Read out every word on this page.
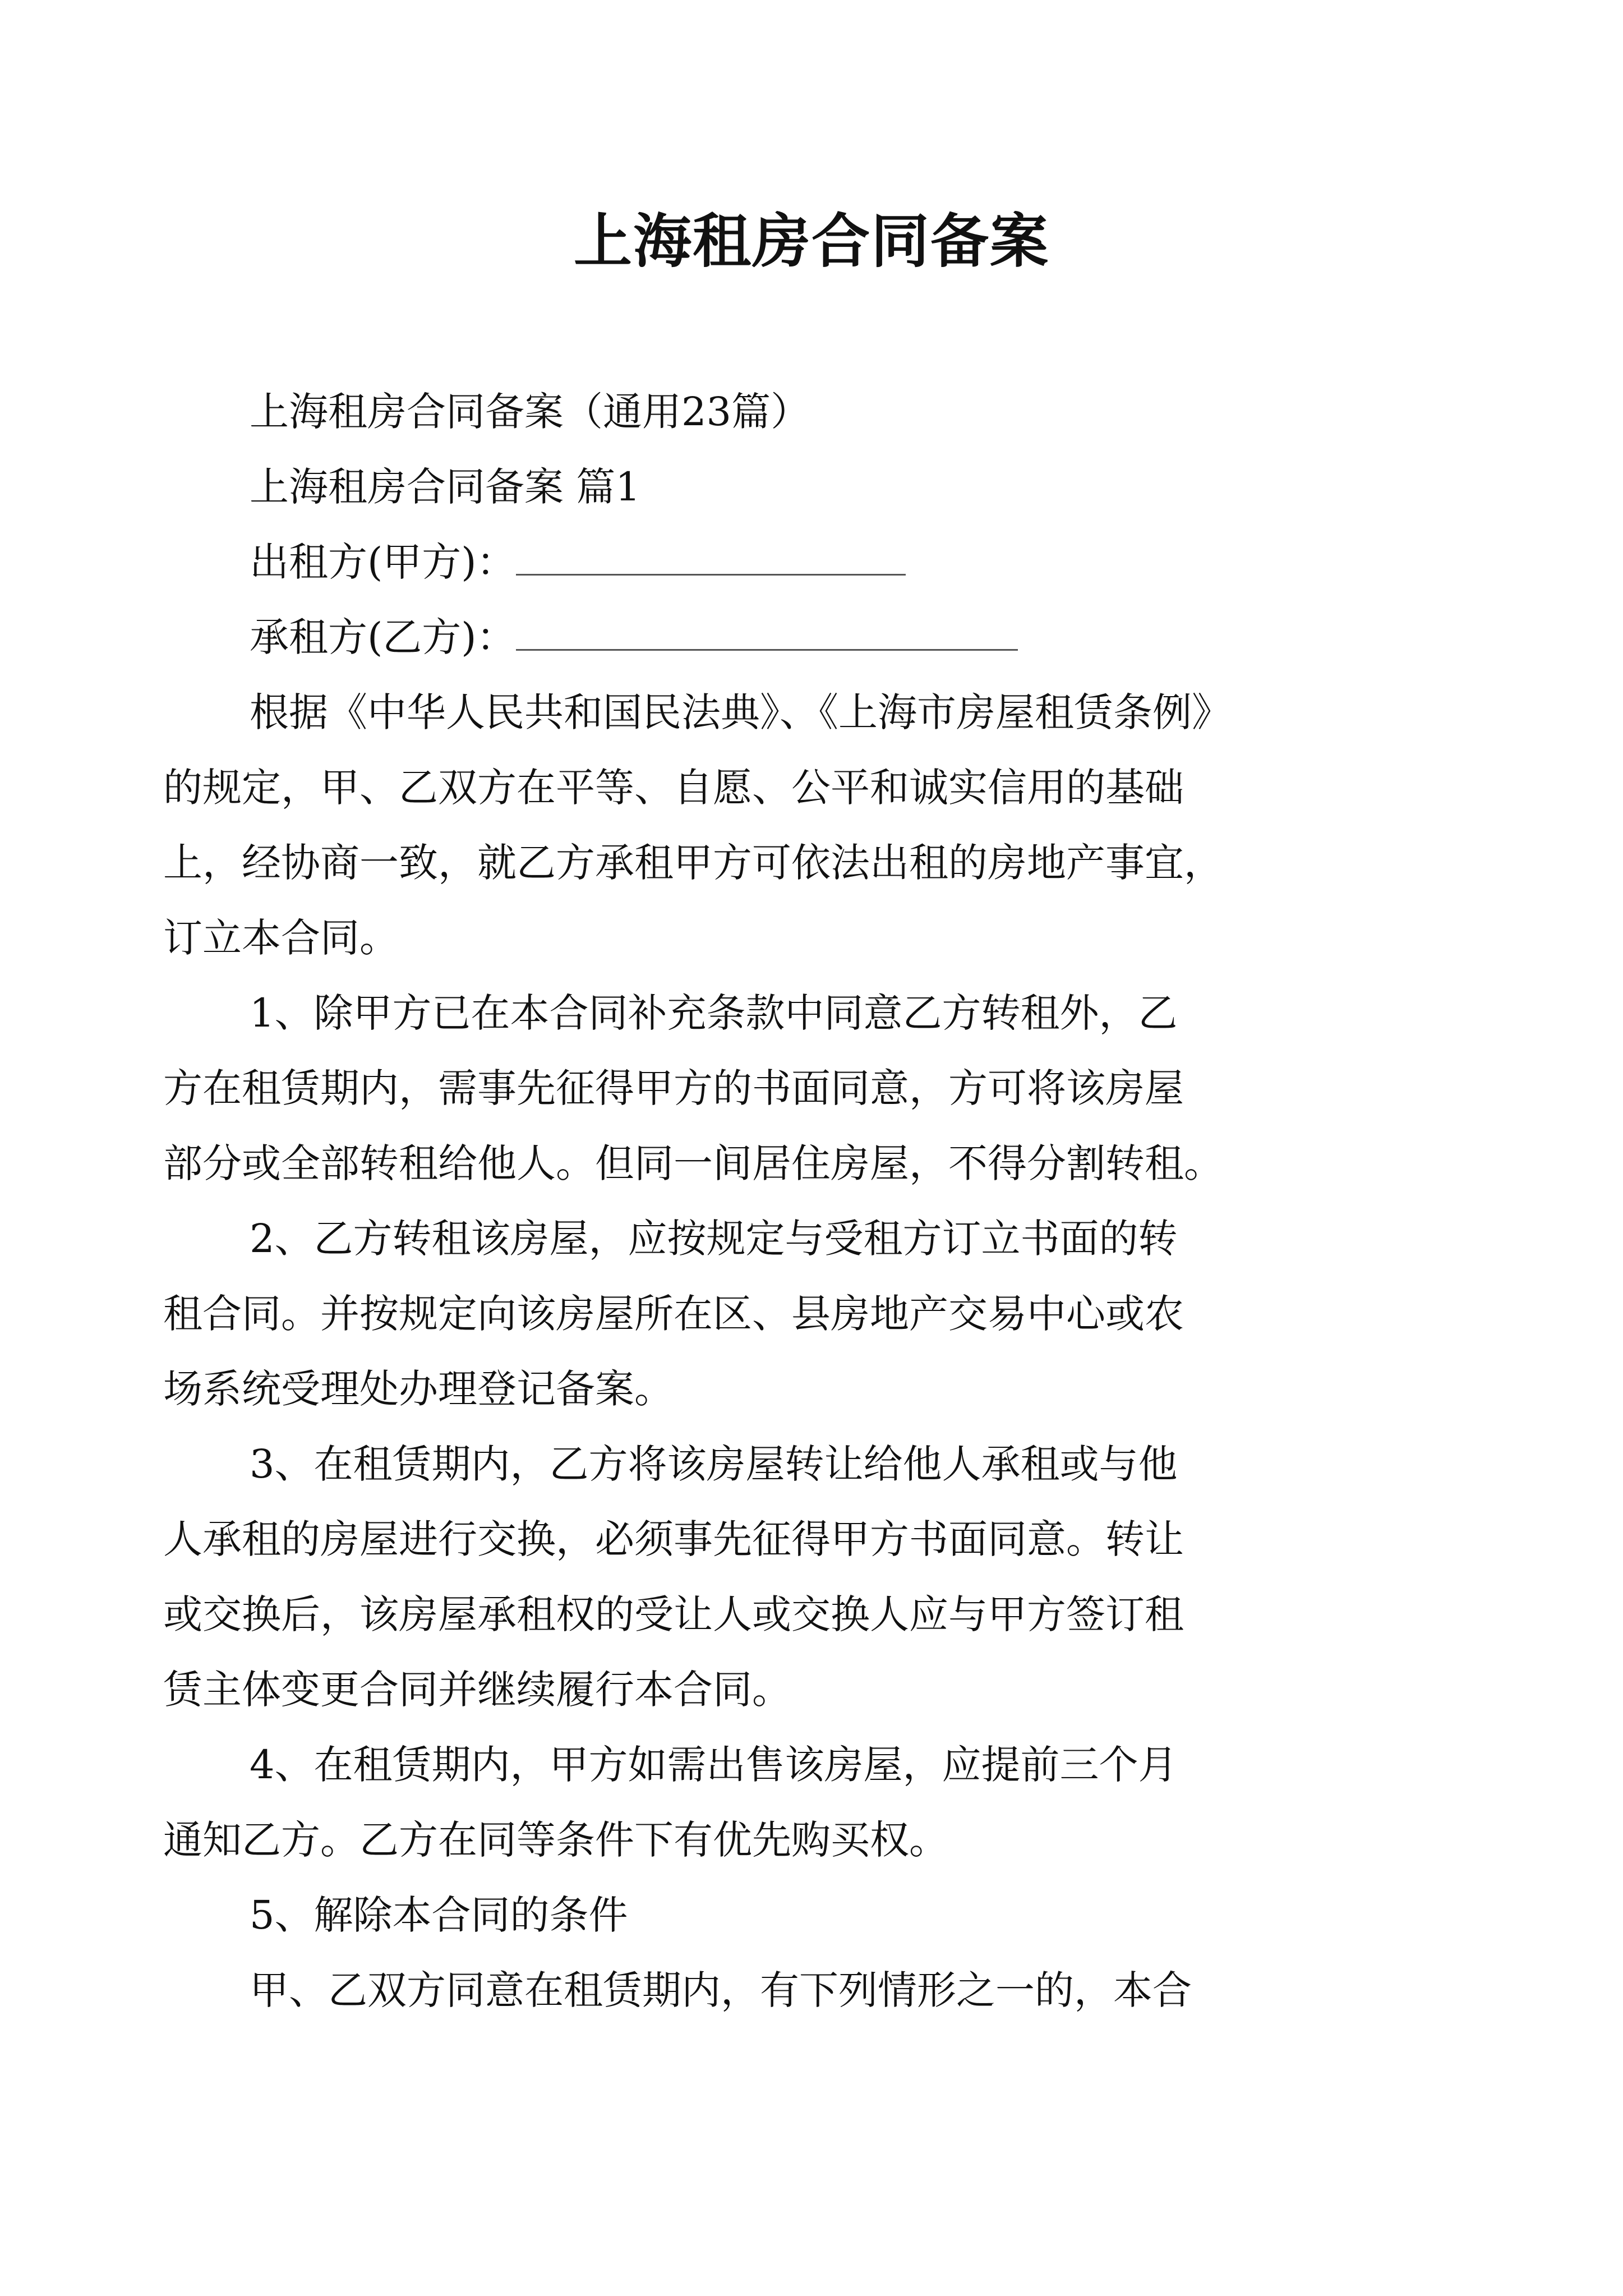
上海租房合同备案
上海租房合同备案（通用23篇）
上海租房合同备案 篇1
出租方(甲方)：
承租方(乙方)：
根据《中华人民共和国民法典》、《上海市房屋租赁条例》
的规定，甲、乙双方在平等、自愿、公平和诚实信用的基础
上，经协商一致，就乙方承租甲方可依法出租的房地产事宜，
订立本合同。
1、除甲方已在本合同补充条款中同意乙方转租外，乙
方在租赁期内，需事先征得甲方的书面同意，方可将该房屋
部分或全部转租给他人。但同一间居住房屋，不得分割转租。
2、乙方转租该房屋，应按规定与受租方订立书面的转
租合同。并按规定向该房屋所在区、县房地产交易中心或农
场系统受理处办理登记备案。
3、在租赁期内，乙方将该房屋转让给他人承租或与他
人承租的房屋进行交换，必须事先征得甲方书面同意。转让
或交换后，该房屋承租权的受让人或交换人应与甲方签订租
赁主体变更合同并继续履行本合同。
4、在租赁期内，甲方如需出售该房屋，应提前三个月
通知乙方。乙方在同等条件下有优先购买权。
5、解除本合同的条件
甲、乙双方同意在租赁期内，有下列情形之一的，本合
